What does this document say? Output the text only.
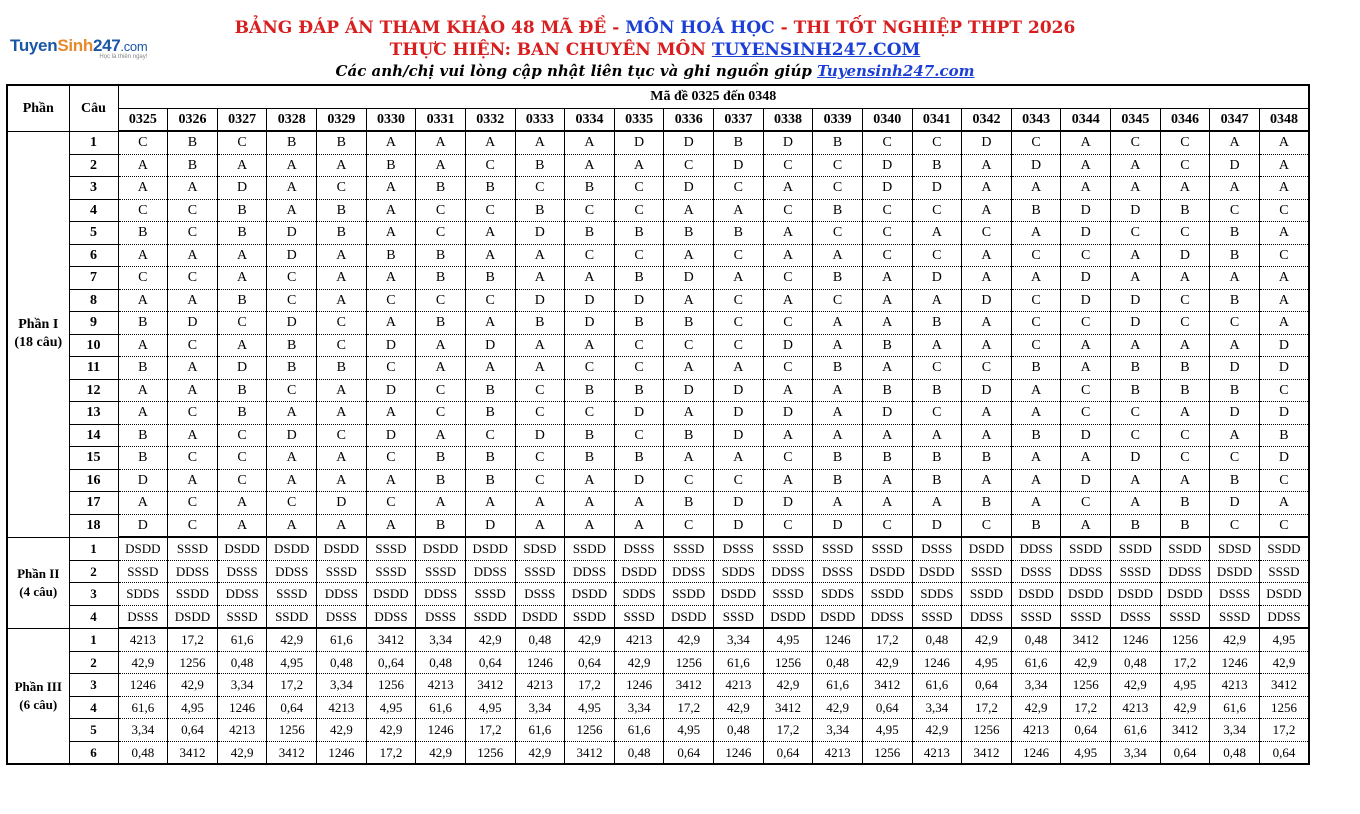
TuyenSinh247.com
Học là thiên ngay!
BẢNG ĐÁP ÁN THAM KHẢO 48 MÃ ĐỀ - MÔN HOÁ HỌC - THI TỐT NGHIỆP THPT 2026
THỰC HIỆN: BAN CHUYÊN MÔN TUYENSINH247.COM
Các anh/chị vui lòng cập nhật liên tục và ghi nguồn giúp Tuyensinh247.com
Phần	Câu	Mã đề 0325 đến 0348																							
		0325	0326	0327	0328	0329	0330	0331	0332	0333	0334	0335	0336	0337	0338	0339	0340	0341	0342	0343	0344	0345	0346	0347	0348

Phần I
(18 câu)	1	C	B	C	B	B	A	A	A	A	A	D	D	B	D	B	C	C	D	C	A	C	C	A	A
	2	A	B	A	A	A	B	A	C	B	A	A	C	D	C	C	D	B	A	D	A	A	C	D	A
	3	A	A	D	A	C	A	B	B	C	B	C	D	C	A	C	D	D	A	A	A	A	A	A	A
	4	C	C	B	A	B	A	C	C	B	C	C	A	A	C	B	C	C	A	B	D	D	B	C	C
	5	B	C	B	D	B	A	C	A	D	B	B	B	B	A	C	C	A	C	A	D	C	C	B	A
	6	A	A	A	D	A	B	B	A	A	C	C	A	C	A	A	C	C	A	C	C	A	D	B	C
	7	C	C	A	C	A	A	B	B	A	A	B	D	A	C	B	A	D	A	A	D	A	A	A	A
	8	A	A	B	C	A	C	C	C	D	D	D	A	C	A	C	A	A	D	C	D	D	C	B	A
	9	B	D	C	D	C	A	B	A	B	D	B	B	C	C	A	A	B	A	C	C	D	C	C	A
	10	A	C	A	B	C	D	A	D	A	A	C	C	C	D	A	B	A	A	C	A	A	A	A	D
	11	B	A	D	B	B	C	A	A	A	C	C	A	A	C	B	A	C	C	B	A	B	B	D	D
	12	A	A	B	C	A	D	C	B	C	B	B	D	D	A	A	B	B	D	A	C	B	B	B	C
	13	A	C	B	A	A	A	C	B	C	C	D	A	D	D	A	D	C	A	A	C	C	A	D	D
	14	B	A	C	D	C	D	A	C	D	B	C	B	D	A	A	A	A	A	B	D	C	C	A	B
	15	B	C	C	A	A	C	B	B	C	B	B	A	A	C	B	B	B	B	A	A	D	C	C	D
	16	D	A	C	A	A	A	B	B	C	A	D	C	C	A	B	A	B	A	A	D	A	A	B	C
	17	A	C	A	C	D	C	A	A	A	A	A	B	D	D	A	A	A	B	A	C	A	B	D	A
	18	D	C	A	A	A	A	B	D	A	A	A	C	D	C	D	C	D	C	B	A	B	B	C	C

Phần II
(4 câu)	1	DSDD	SSSD	DSDD	DSDD	DSDD	SSSD	DSDD	DSDD	SDSD	SSDD	DSSS	SSSD	DSSS	SSSD	SSSD	SSSD	DSSS	DSDD	DDSS	SSDD	SSDD	SSDD	SDSD	SSDD
	2	SSSD	DDSS	DSSS	DDSS	SSSD	SSSD	SSSD	DDSS	SSSD	DDSS	DSDD	DDSS	SDDS	DDSS	DSSS	DSDD	DSDD	SSSD	DSSS	DDSS	SSSD	DDSS	DSDD	SSSD
	3	SDDS	SSDD	DDSS	SSSD	DDSS	DSDD	DDSS	SSSD	DSSS	DSDD	SDDS	SSDD	DSDD	SSSD	SDDS	SSDD	SDDS	SSDD	DSDD	DSDD	DSDD	DSDD	DSSS	DSDD
	4	DSSS	DSDD	SSSD	SSDD	DSSS	DDSS	DSSS	SSDD	DSDD	SSDD	SSSD	DSDD	SSSD	DSDD	DSDD	DDSS	SSSD	DDSS	SSSD	SSSD	DSSS	SSSD	SSSD	DDSS

Phần III
(6 câu)	1	4213	17,2	61,6	42,9	61,6	3412	3,34	42,9	0,48	42,9	4213	42,9	3,34	4,95	1246	17,2	0,48	42,9	0,48	3412	1246	1256	42,9	4,95
	2	42,9	1256	0,48	4,95	0,48	0,,64	0,48	0,64	1246	0,64	42,9	1256	61,6	1256	0,48	42,9	1246	4,95	61,6	42,9	0,48	17,2	1246	42,9
	3	1246	42,9	3,34	17,2	3,34	1256	4213	3412	4213	17,2	1246	3412	4213	42,9	61,6	3412	61,6	0,64	3,34	1256	42,9	4,95	4213	3412
	4	61,6	4,95	1246	0,64	4213	4,95	61,6	4,95	3,34	4,95	3,34	17,2	42,9	3412	42,9	0,64	3,34	17,2	42,9	17,2	4213	42,9	61,6	1256
	5	3,34	0,64	4213	1256	42,9	42,9	1246	17,2	61,6	1256	61,6	4,95	0,48	17,2	3,34	4,95	42,9	1256	4213	0,64	61,6	3412	3,34	17,2
	6	0,48	3412	42,9	3412	1246	17,2	42,9	1256	42,9	3412	0,48	0,64	1246	0,64	4213	1256	4213	3412	1246	4,95	3,34	0,64	0,48	0,64
